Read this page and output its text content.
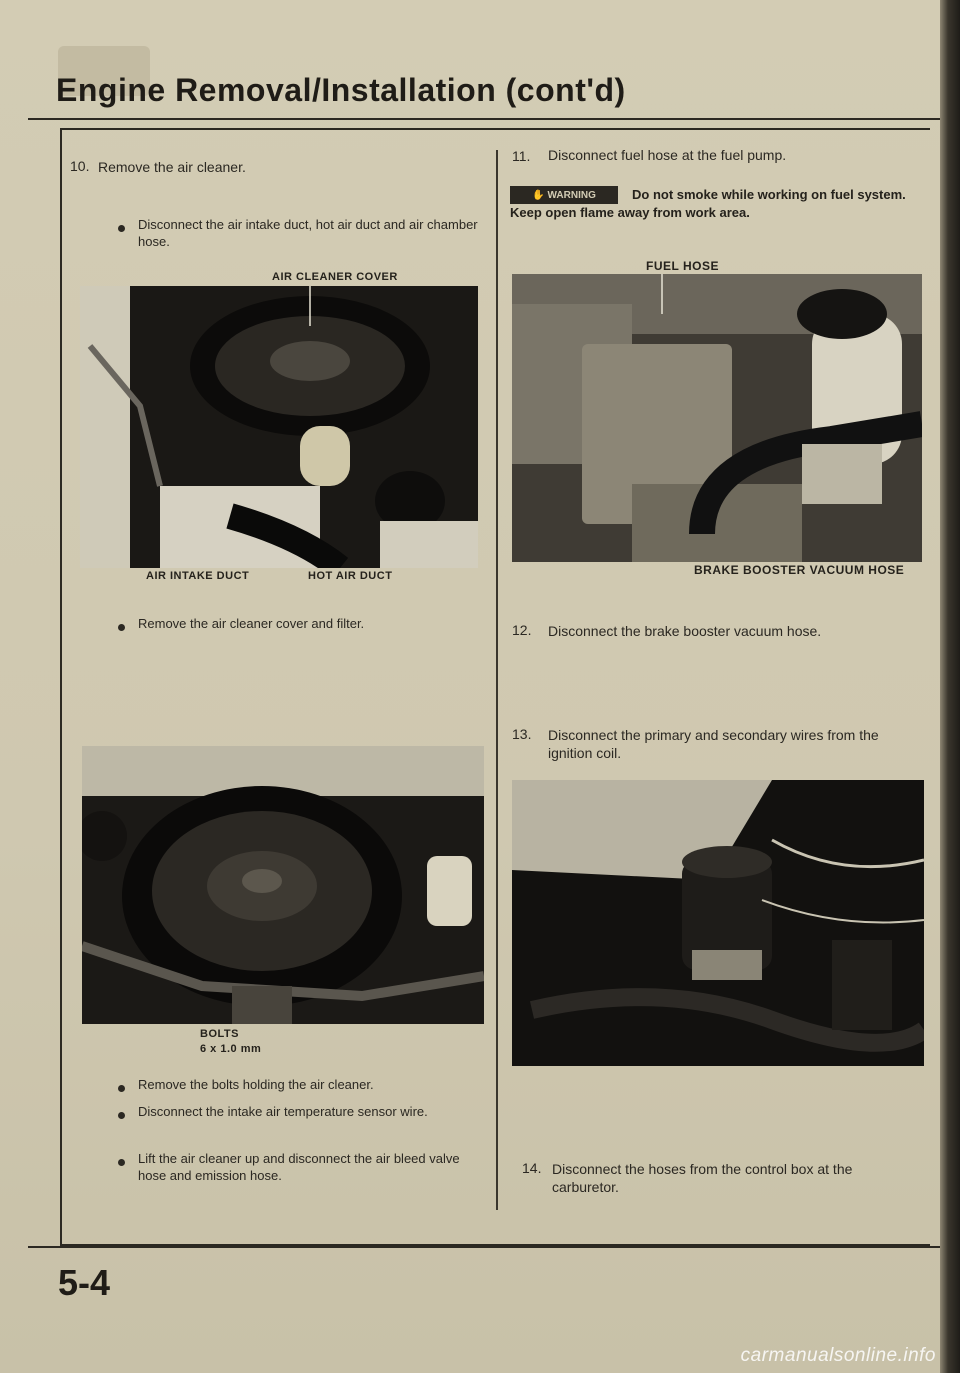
Engine Removal/Installation (cont'd)
10. Remove the air cleaner.
Disconnect the air intake duct, hot air duct and air chamber hose.
AIR CLEANER COVER
AIR INTAKE DUCT	HOT AIR DUCT
Remove the air cleaner cover and filter.
BOLTS
6 x 1.0 mm
Remove the bolts holding the air cleaner.
Disconnect the intake air temperature sensor wire.
Lift the air cleaner up and disconnect the air bleed valve hose and emission hose.
11. Disconnect fuel hose at the fuel pump.
✋ WARNING	Do not smoke while working on fuel system. Keep open flame away from work area.
FUEL HOSE
BRAKE BOOSTER VACUUM HOSE
12. Disconnect the brake booster vacuum hose.
13. Disconnect the primary and secondary wires from the ignition coil.
14. Disconnect the hoses from the control box at the carburetor.
5-4
carmanualsonline.info
